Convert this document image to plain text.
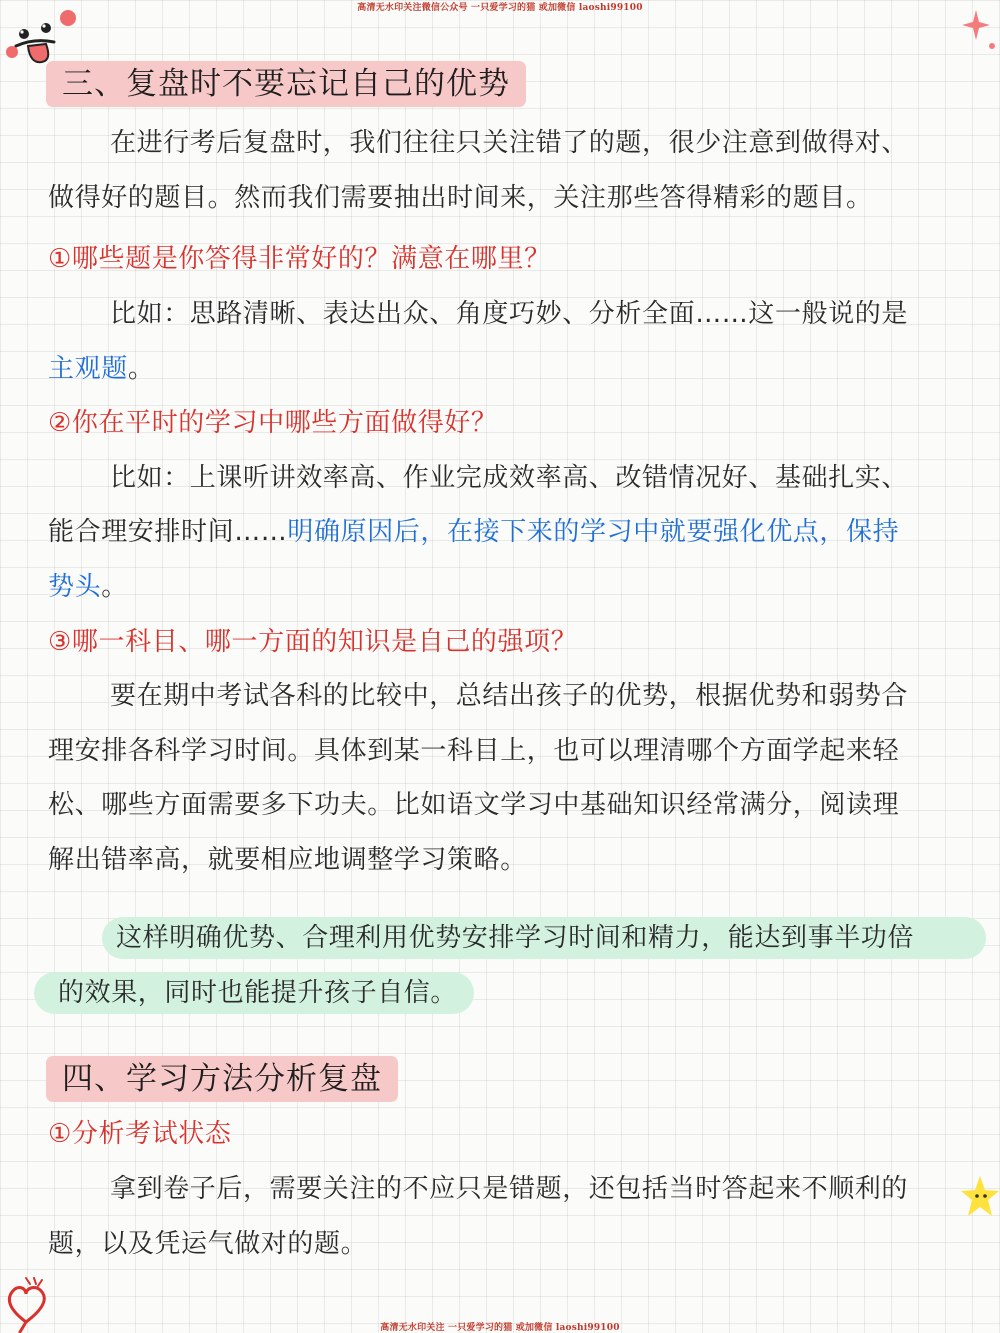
高清无水印关注微信公众号 一只爱学习的猫 或加微信 laoshi99100
高清无水印关注 一只爱学习的猫 或加微信 laoshi99100
三、复盘时不要忘记自己的优势
在进行考后复盘时，我们往往只关注错了的题，很少注意到做得对、
做得好的题目。然而我们需要抽出时间来，关注那些答得精彩的题目。
①哪些题是你答得非常好的？满意在哪里？
比如：思路清晰、表达出众、角度巧妙、分析全面……这一般说的是
主观题。
②你在平时的学习中哪些方面做得好？
比如：上课听讲效率高、作业完成效率高、改错情况好、基础扎实、
能合理安排时间……明确原因后，在接下来的学习中就要强化优点，保持
势头。
③哪一科目、哪一方面的知识是自己的强项？
要在期中考试各科的比较中，总结出孩子的优势，根据优势和弱势合
理安排各科学习时间。具体到某一科目上，也可以理清哪个方面学起来轻
松、哪些方面需要多下功夫。比如语文学习中基础知识经常满分，阅读理
解出错率高，就要相应地调整学习策略。
这样明确优势、合理利用优势安排学习时间和精力，能达到事半功倍
的效果，同时也能提升孩子自信。
四、学习方法分析复盘
①分析考试状态
拿到卷子后，需要关注的不应只是错题，还包括当时答起来不顺利的
题，以及凭运气做对的题。
